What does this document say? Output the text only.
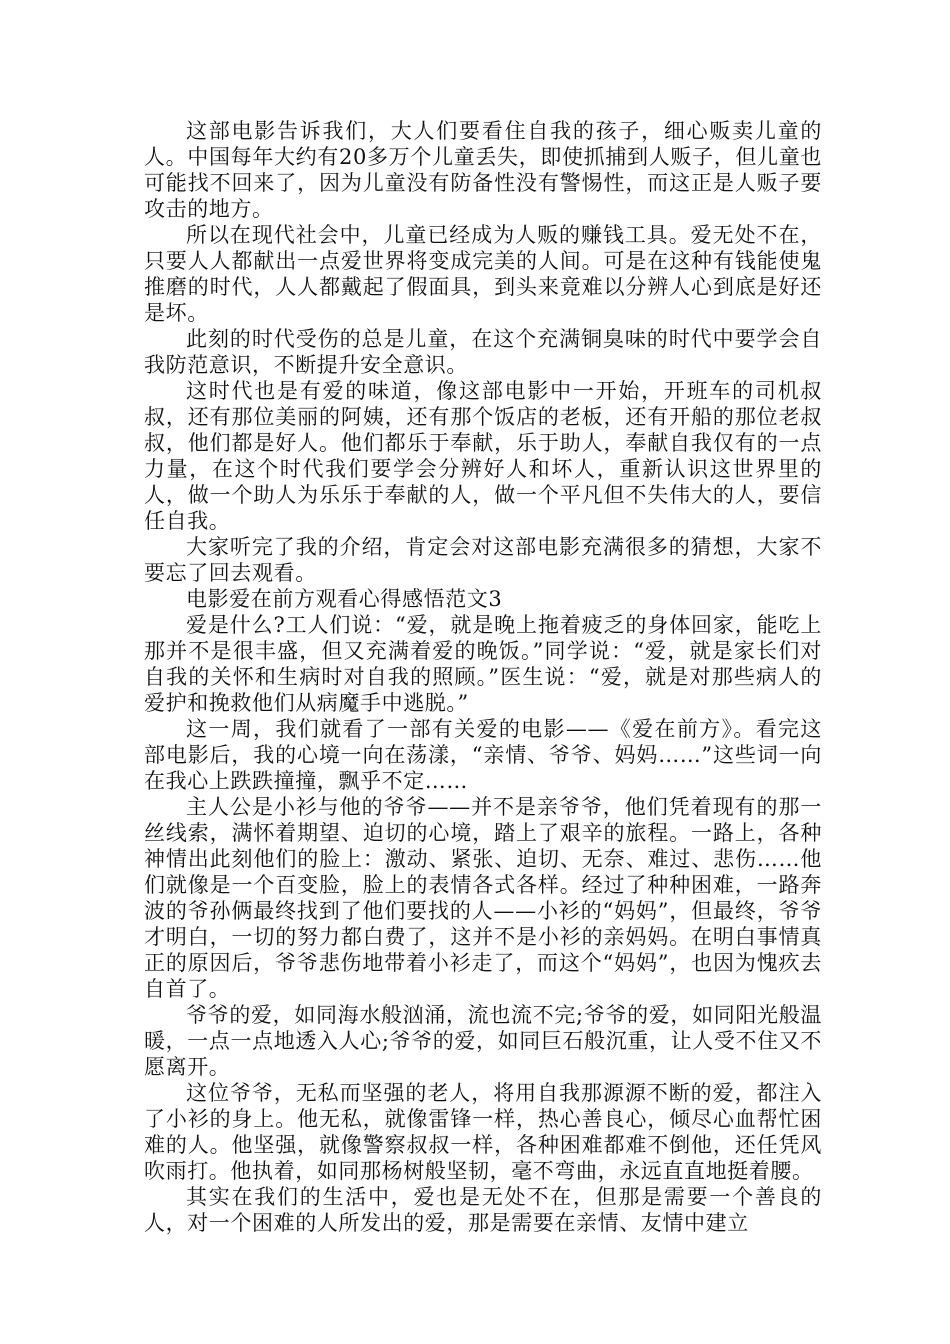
这部电影告诉我们，大人们要看住自我的孩子，细心贩卖儿童的人。中国每年大约有20多万个儿童丢失，即使抓捕到人贩子，但儿童也可能找不回来了，因为儿童没有防备性没有警惕性，而这正是人贩子要攻击的地方。

所以在现代社会中，儿童已经成为人贩的赚钱工具。爱无处不在，只要人人都献出一点爱世界将变成完美的人间。可是在这种有钱能使鬼推磨的时代，人人都戴起了假面具，到头来竟难以分辨人心到底是好还是坏。

此刻的时代受伤的总是儿童，在这个充满铜臭味的时代中要学会自我防范意识，不断提升安全意识。

这时代也是有爱的味道，像这部电影中一开始，开班车的司机叔叔，还有那位美丽的阿姨，还有那个饭店的老板，还有开船的那位老叔叔，他们都是好人。他们都乐于奉献，乐于助人，奉献自我仅有的一点力量，在这个时代我们要学会分辨好人和坏人，重新认识这世界里的人，做一个助人为乐乐于奉献的人，做一个平凡但不失伟大的人，要信任自我。

大家听完了我的介绍，肯定会对这部电影充满很多的猜想，大家不要忘了回去观看。

电影爱在前方观看心得感悟范文3

爱是什么?工人们说：“爱，就是晚上拖着疲乏的身体回家，能吃上那并不是很丰盛，但又充满着爱的晚饭。”同学说：“爱，就是家长们对自我的关怀和生病时对自我的照顾。”医生说：“爱，就是对那些病人的爱护和挽救他们从病魔手中逃脱。”

这一周，我们就看了一部有关爱的电影——《爱在前方》。看完这部电影后，我的心境一向在荡漾，“亲情、爷爷、妈妈……”这些词一向在我心上跌跌撞撞，飘乎不定……

主人公是小衫与他的爷爷——并不是亲爷爷，他们凭着现有的那一丝线索，满怀着期望、迫切的心境，踏上了艰辛的旅程。一路上，各种神情出此刻他们的脸上：激动、紧张、迫切、无奈、难过、悲伤……他们就像是一个百变脸，脸上的表情各式各样。经过了种种困难，一路奔波的爷孙俩最终找到了他们要找的人——小衫的“妈妈”，但最终，爷爷才明白，一切的努力都白费了，这并不是小衫的亲妈妈。在明白事情真正的原因后，爷爷悲伤地带着小衫走了，而这个“妈妈”，也因为愧疚去自首了。

爷爷的爱，如同海水般汹涌，流也流不完;爷爷的爱，如同阳光般温暖，一点一点地透入人心;爷爷的爱，如同巨石般沉重，让人受不住又不愿离开。

这位爷爷，无私而坚强的老人，将用自我那源源不断的爱，都注入了小衫的身上。他无私，就像雷锋一样，热心善良心，倾尽心血帮忙困难的人。他坚强，就像警察叔叔一样，各种困难都难不倒他，还任凭风吹雨打。他执着，如同那杨树般坚韧，毫不弯曲，永远直直地挺着腰。

其实在我们的生活中，爱也是无处不在，但那是需要一个善良的人，对一个困难的人所发出的爱，那是需要在亲情、友情中建立
